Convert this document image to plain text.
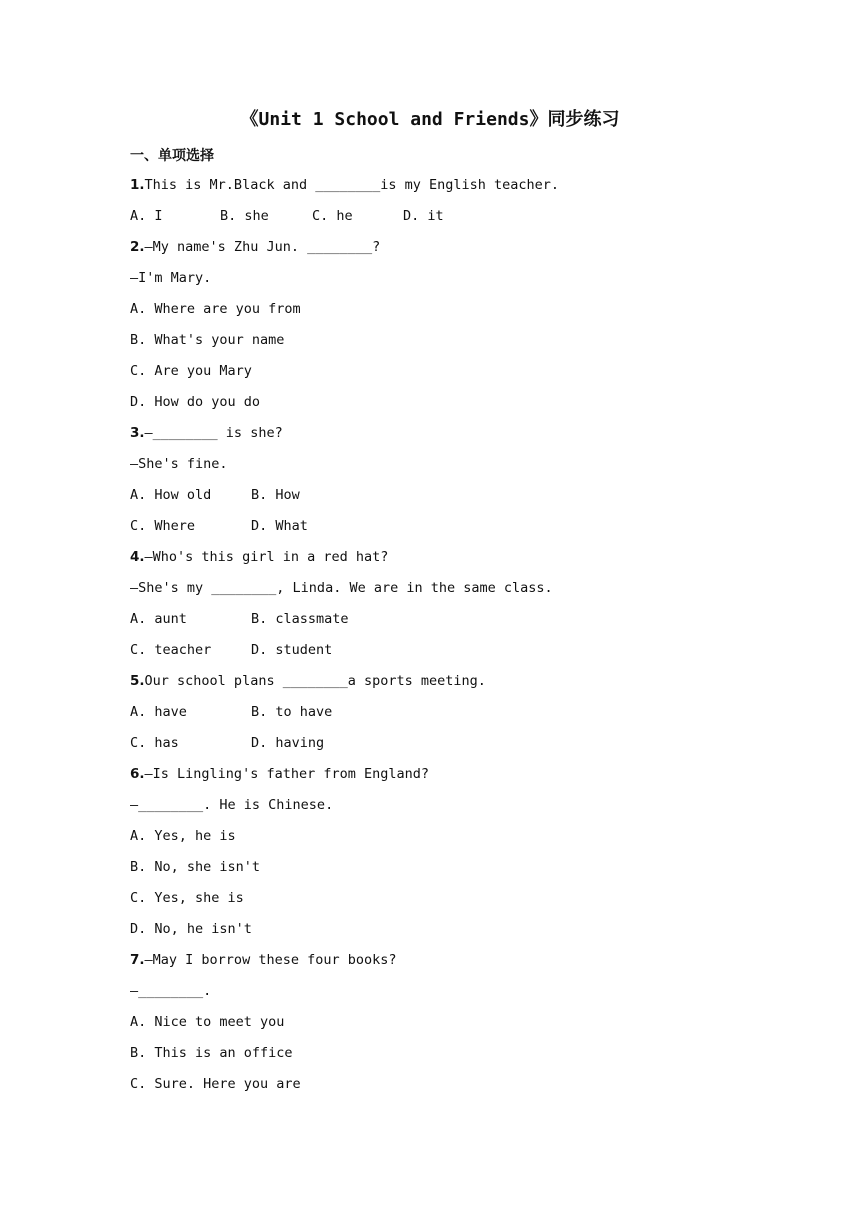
《Unit 1 School and Friends》同步练习
一、单项选择
1.This is Mr.Black and ________is my English teacher.
A. I	B. she	C. he	D. it
2.—My name's Zhu Jun. ________?
—I'm Mary.
A. Where are you from
B. What's your name
C. Are you Mary
D. How do you do
3.—________ is she?
—She's fine.
A. How old	B. How
C. Where	D. What
4.—Who's this girl in a red hat?
—She's my ________, Linda. We are in the same class.
A. aunt	B. classmate
C. teacher	D. student
5.Our school plans ________a sports meeting.
A. have	B. to have
C. has	D. having
6.—Is Lingling's father from England?
—________. He is Chinese.
A. Yes, he is
B. No, she isn't
C. Yes, she is
D. No, he isn't
7.—May I borrow these four books?
—________.
A. Nice to meet you
B. This is an office
C. Sure. Here you are
